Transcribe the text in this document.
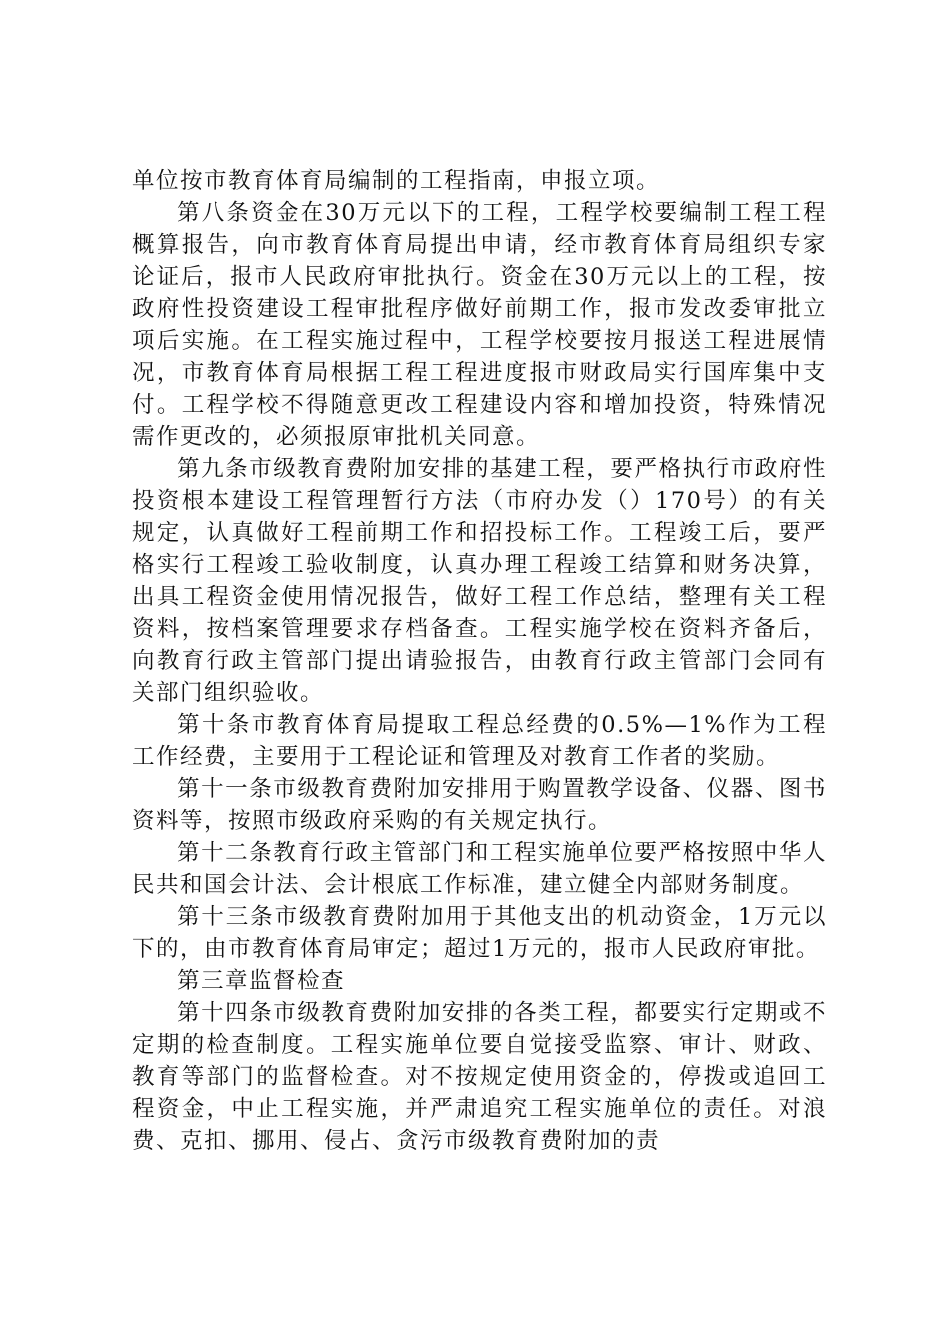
单位按市教育体育局编制的工程指南，申报立项。

第八条资金在30万元以下的工程，工程学校要编制工程工程概算报告，向市教育体育局提出申请，经市教育体育局组织专家论证后，报市人民政府审批执行。资金在30万元以上的工程，按政府性投资建设工程审批程序做好前期工作，报市发改委审批立项后实施。在工程实施过程中，工程学校要按月报送工程进展情况，市教育体育局根据工程工程进度报市财政局实行国库集中支付。工程学校不得随意更改工程建设内容和增加投资，特殊情况需作更改的，必须报原审批机关同意。

第九条市级教育费附加安排的基建工程，要严格执行市政府性投资根本建设工程管理暂行方法（市府办发（）170号）的有关规定，认真做好工程前期工作和招投标工作。工程竣工后，要严格实行工程竣工验收制度，认真办理工程竣工结算和财务决算，出具工程资金使用情况报告，做好工程工作总结，整理有关工程资料，按档案管理要求存档备查。工程实施学校在资料齐备后，向教育行政主管部门提出请验报告，由教育行政主管部门会同有关部门组织验收。

第十条市教育体育局提取工程总经费的0.5%—1%作为工程工作经费，主要用于工程论证和管理及对教育工作者的奖励。

第十一条市级教育费附加安排用于购置教学设备、仪器、图书资料等，按照市级政府采购的有关规定执行。

第十二条教育行政主管部门和工程实施单位要严格按照中华人民共和国会计法、会计根底工作标准，建立健全内部财务制度。

第十三条市级教育费附加用于其他支出的机动资金，1万元以下的，由市教育体育局审定；超过1万元的，报市人民政府审批。

第三章监督检查

第十四条市级教育费附加安排的各类工程，都要实行定期或不定期的检查制度。工程实施单位要自觉接受监察、审计、财政、教育等部门的监督检查。对不按规定使用资金的，停拨或追回工程资金，中止工程实施，并严肃追究工程实施单位的责任。对浪费、克扣、挪用、侵占、贪污市级教育费附加的责
